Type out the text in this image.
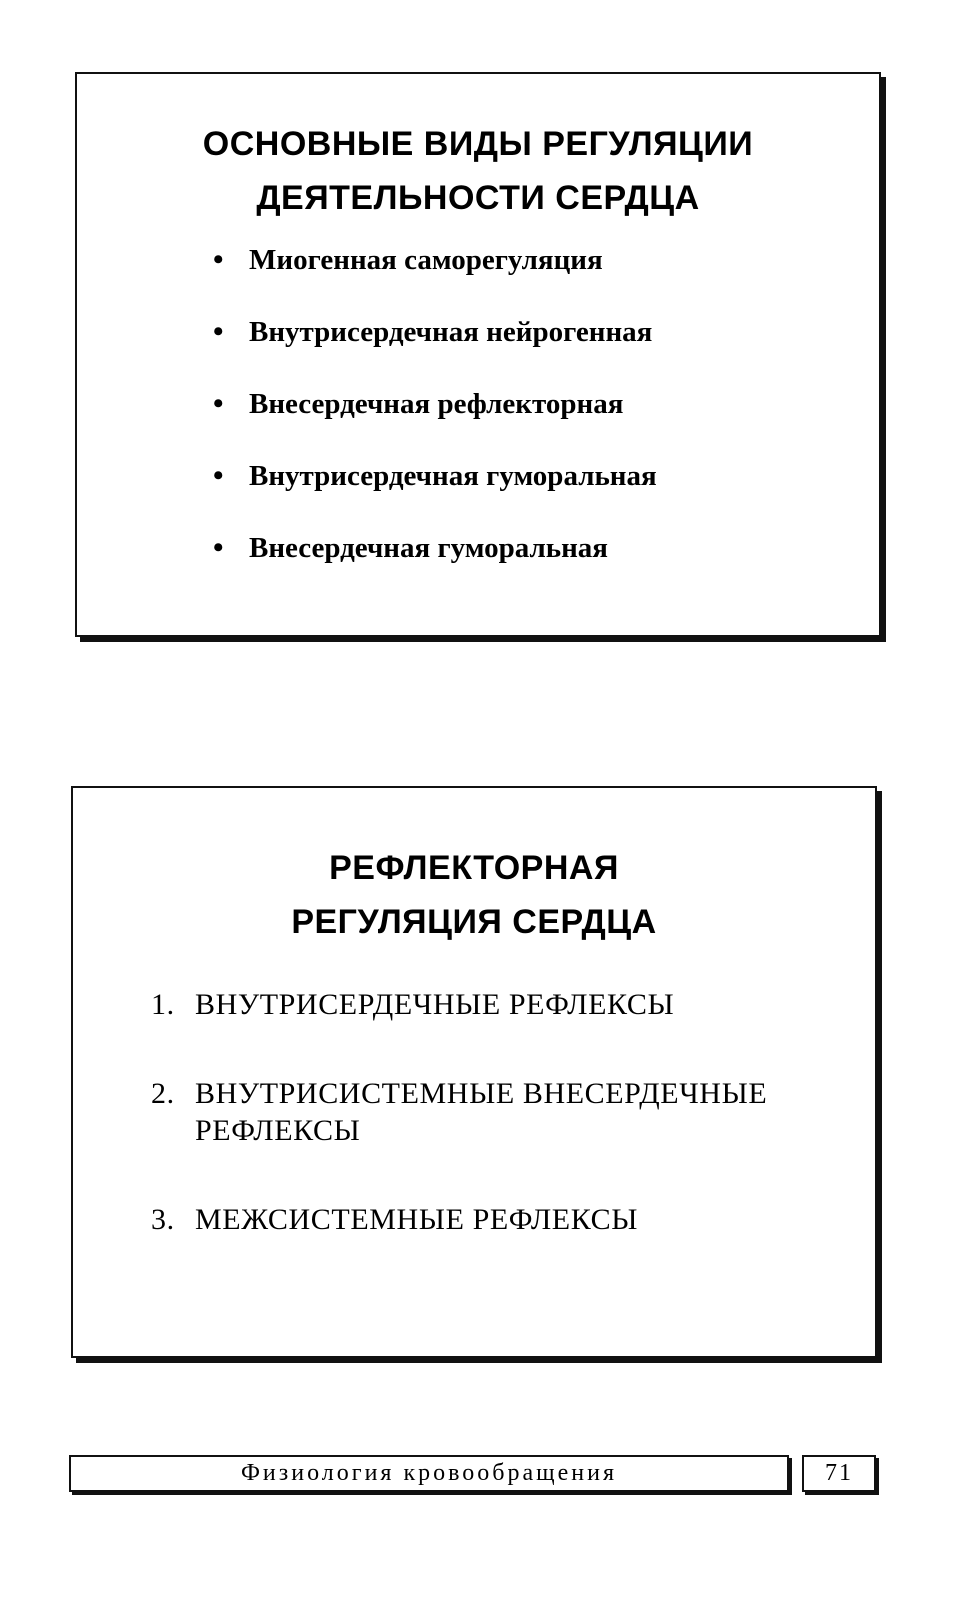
ОСНОВНЫЕ ВИДЫ РЕГУЛЯЦИИ
ДЕЯТЕЛЬНОСТИ СЕРДЦА
• Миогенная саморегуляция
• Внутрисердечная нейрогенная
• Внесердечная рефлекторная
• Внутрисердечная гуморальная
• Внесердечная гуморальная
РЕФЛЕКТОРНАЯ
РЕГУЛЯЦИЯ СЕРДЦА
1. ВНУТРИСЕРДЕЧНЫЕ РЕФЛЕКСЫ
2. ВНУТРИСИСТЕМНЫЕ ВНЕСЕРДЕЧНЫЕ
РЕФЛЕКСЫ
3. МЕЖСИСТЕМНЫЕ РЕФЛЕКСЫ
Физиология кровообращения	71
